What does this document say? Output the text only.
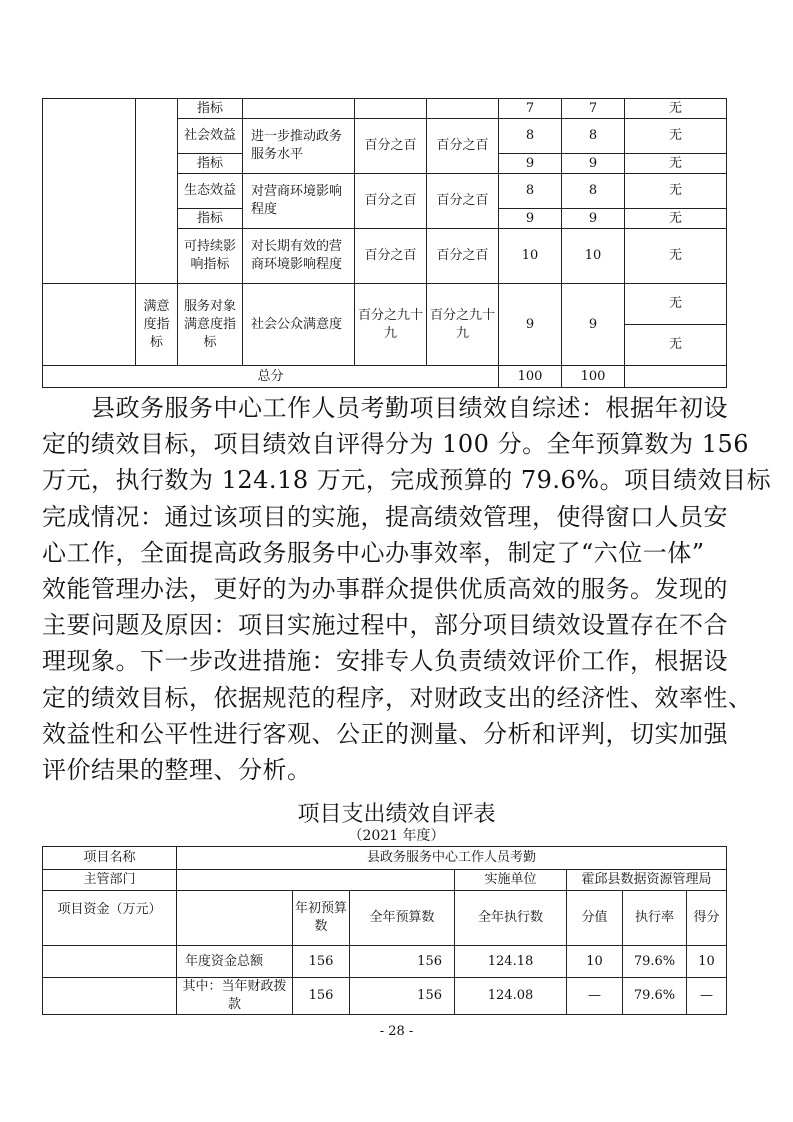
		指标				7	7	无
		社会效益	进一步推动政务服务水平	百分之百	百分之百	8	8	无
		指标				9	9	无
		生态效益	对营商环境影响程度	百分之百	百分之百	8	8	无
		指标				9	9	无
		可持续影响指标	对长期有效的营商环境影响程度	百分之百	百分之百	10	10	无
	满意度指标	服务对象满意度指标	社会公众满意度	百分之九十九	百分之九十九	9	9	无
								无
总分						100	100	
　　县政务服务中心工作人员考勤项目绩效自综述：根据年初设
定的绩效目标，项目绩效自评得分为 100 分。全年预算数为 156
万元，执行数为 124.18 万元，完成预算的 79.6%。项目绩效目标
完成情况：通过该项目的实施，提高绩效管理，使得窗口人员安
心工作，全面提高政务服务中心办事效率，制定了“六位一体”
效能管理办法，更好的为办事群众提供优质高效的服务。发现的
主要问题及原因：项目实施过程中，部分项目绩效设置存在不合
理现象。下一步改进措施：安排专人负责绩效评价工作，根据设
定的绩效目标，依据规范的程序，对财政支出的经济性、效率性、
效益性和公平性进行客观、公正的测量、分析和评判，切实加强
评价结果的整理、分析。
项目支出绩效自评表
（2021 年度）
项目名称	县政务服务中心工作人员考勤						
主管部门				实施单位	霍邱县数据资源管理局		
项目资金（万元）		年初预算数	全年预算数	全年执行数	分值	执行率	得分
	年度资金总额	156	156	124.18	10	79.6%	10
	其中：当年财政拨款	156	156	124.08	—	79.6%	—
- 28 -
